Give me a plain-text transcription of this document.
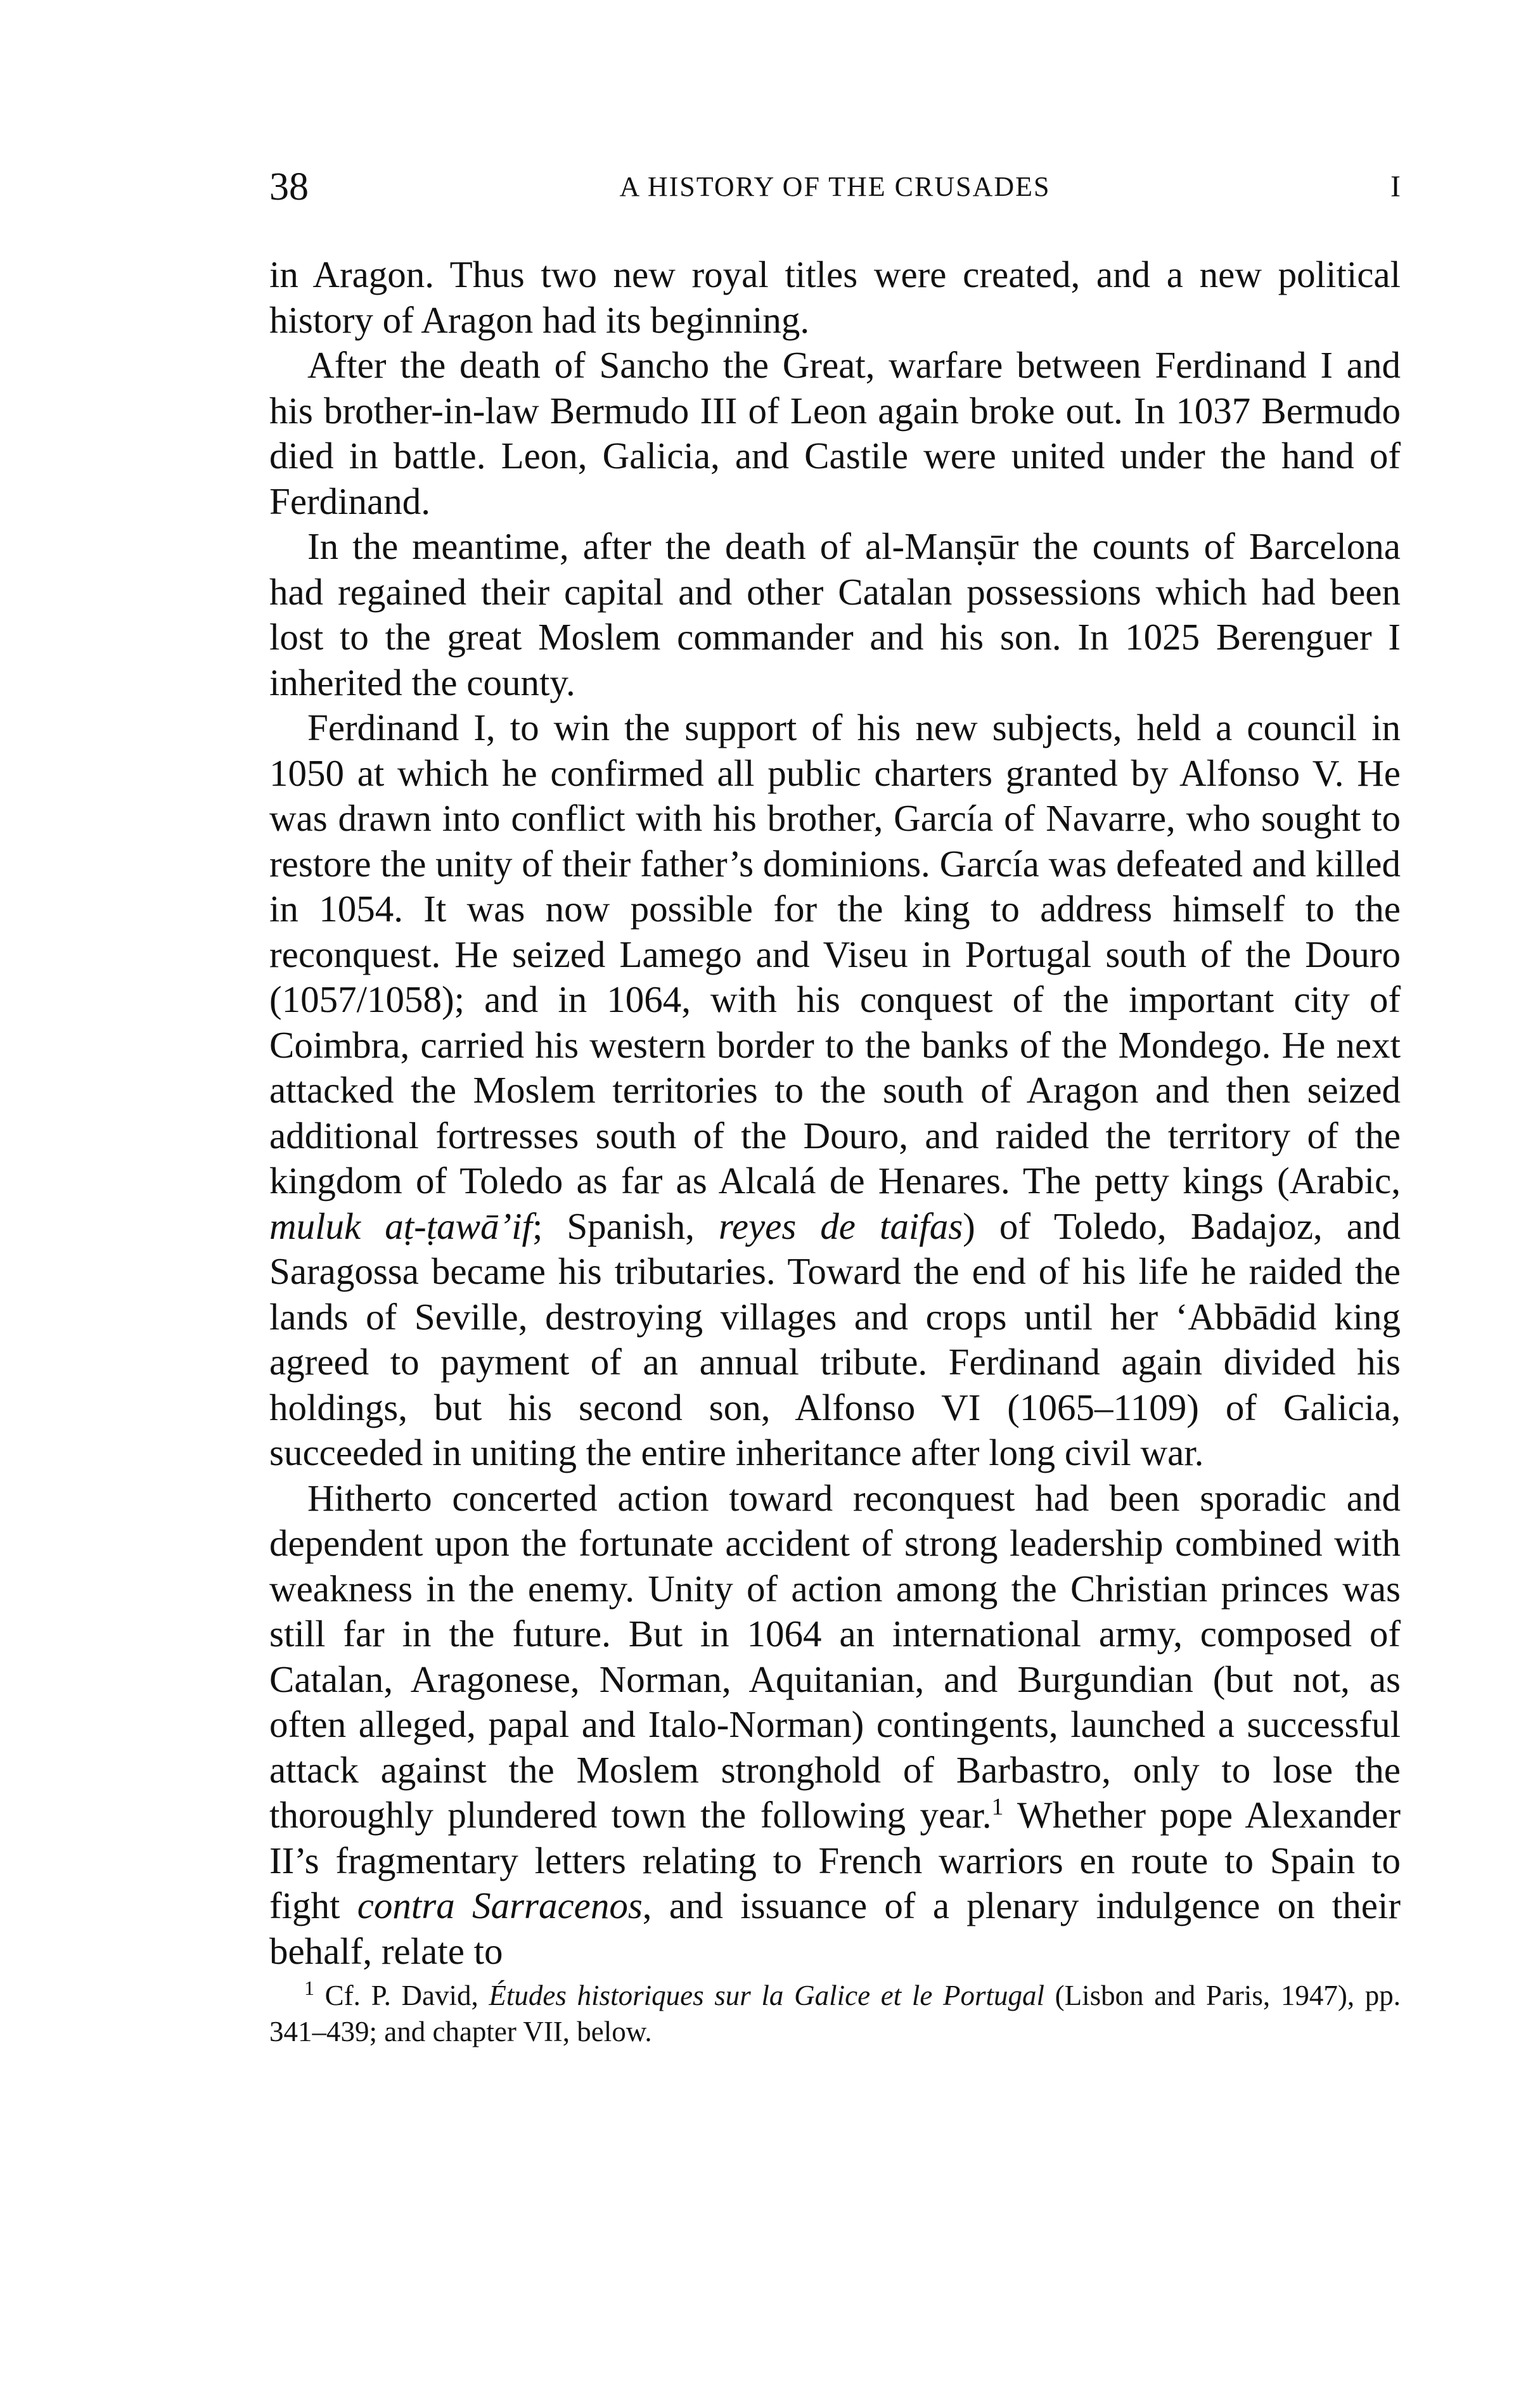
38	A HISTORY OF THE CRUSADES	I

in Aragon. Thus two new royal titles were created, and a new political history of Aragon had its beginning.

After the death of Sancho the Great, warfare between Ferdinand I and his brother-in-law Bermudo III of Leon again broke out. In 1037 Bermudo died in battle. Leon, Galicia, and Castile were united under the hand of Ferdinand.

In the meantime, after the death of al-Manṣūr the counts of Barcelona had regained their capital and other Catalan possessions which had been lost to the great Moslem commander and his son. In 1025 Berenguer I inherited the county.

Ferdinand I, to win the support of his new subjects, held a council in 1050 at which he confirmed all public charters granted by Alfonso V. He was drawn into conflict with his brother, García of Navarre, who sought to restore the unity of their father’s dominions. García was defeated and killed in 1054. It was now possible for the king to address himself to the reconquest. He seized Lamego and Viseu in Portugal south of the Douro (1057/1058); and in 1064, with his conquest of the important city of Coimbra, carried his western border to the banks of the Mondego. He next attacked the Moslem territories to the south of Aragon and then seized additional fortresses south of the Douro, and raided the territory of the kingdom of Toledo as far as Alcalá de Henares. The petty kings (Arabic, muluk aṭ-ṭawā’if; Spanish, reyes de taifas) of Toledo, Badajoz, and Saragossa became his tributaries. Toward the end of his life he raided the lands of Seville, destroying villages and crops until her ‘Abbādid king agreed to payment of an annual tribute. Ferdinand again divided his holdings, but his second son, Alfonso VI (1065–1109) of Galicia, succeeded in uniting the entire inheritance after long civil war.

Hitherto concerted action toward reconquest had been sporadic and dependent upon the fortunate accident of strong leadership combined with weakness in the enemy. Unity of action among the Christian princes was still far in the future. But in 1064 an international army, composed of Catalan, Aragonese, Norman, Aquitanian, and Burgundian (but not, as often alleged, papal and Italo-Norman) contingents, launched a successful attack against the Moslem stronghold of Barbastro, only to lose the thoroughly plundered town the following year.$^1$ Whether pope Alexander II’s fragmentary letters relating to French warriors en route to Spain to fight contra Sarracenos, and issuance of a plenary indulgence on their behalf, relate to

$^1$ Cf. P. David, Études historiques sur la Galice et le Portugal (Lisbon and Paris, 1947), pp. 341–439; and chapter VII, below.
